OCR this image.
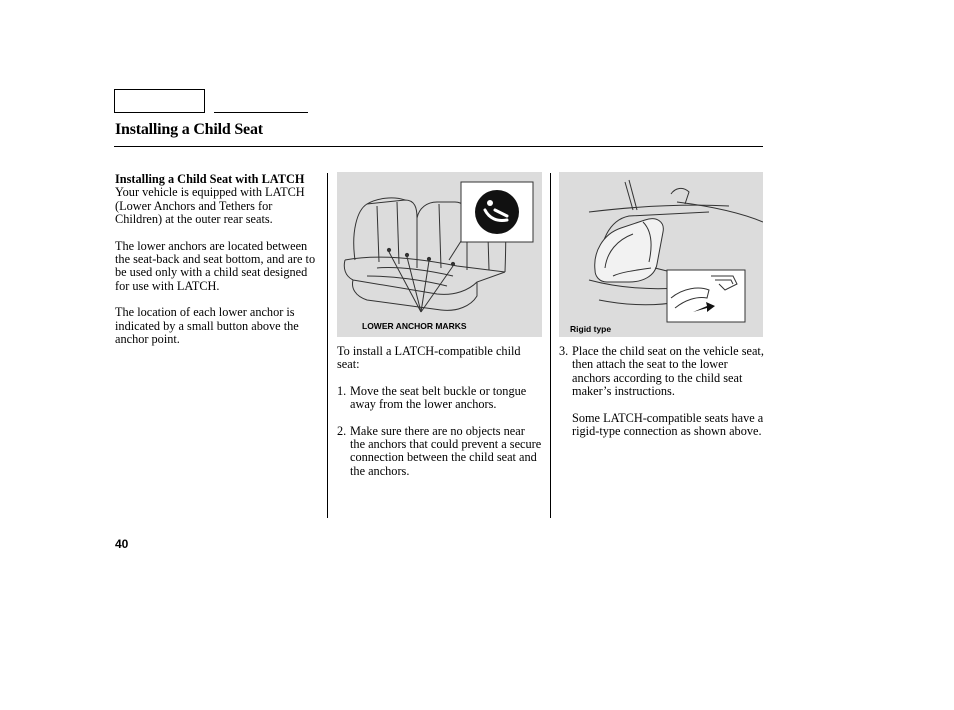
Installing a Child Seat
Installing a Child Seat with LATCH
Your vehicle is equipped with LATCH (Lower Anchors and Tethers for Children) at the outer rear seats.
The lower anchors are located between the seat-back and seat bottom, and are to be used only with a child seat designed for use with LATCH.
The location of each lower anchor is indicated by a small button above the anchor point.
LOWER ANCHOR MARKS	Rigid type
To install a LATCH-compatible child seat:
1. Move the seat belt buckle or tongue away from the lower anchors.
2. Make sure there are no objects near the anchors that could prevent a secure connection between the child seat and the anchors.
3. Place the child seat on the vehicle seat, then attach the seat to the lower anchors according to the child seat maker’s instructions.
Some LATCH-compatible seats have a rigid-type connection as shown above.
40
